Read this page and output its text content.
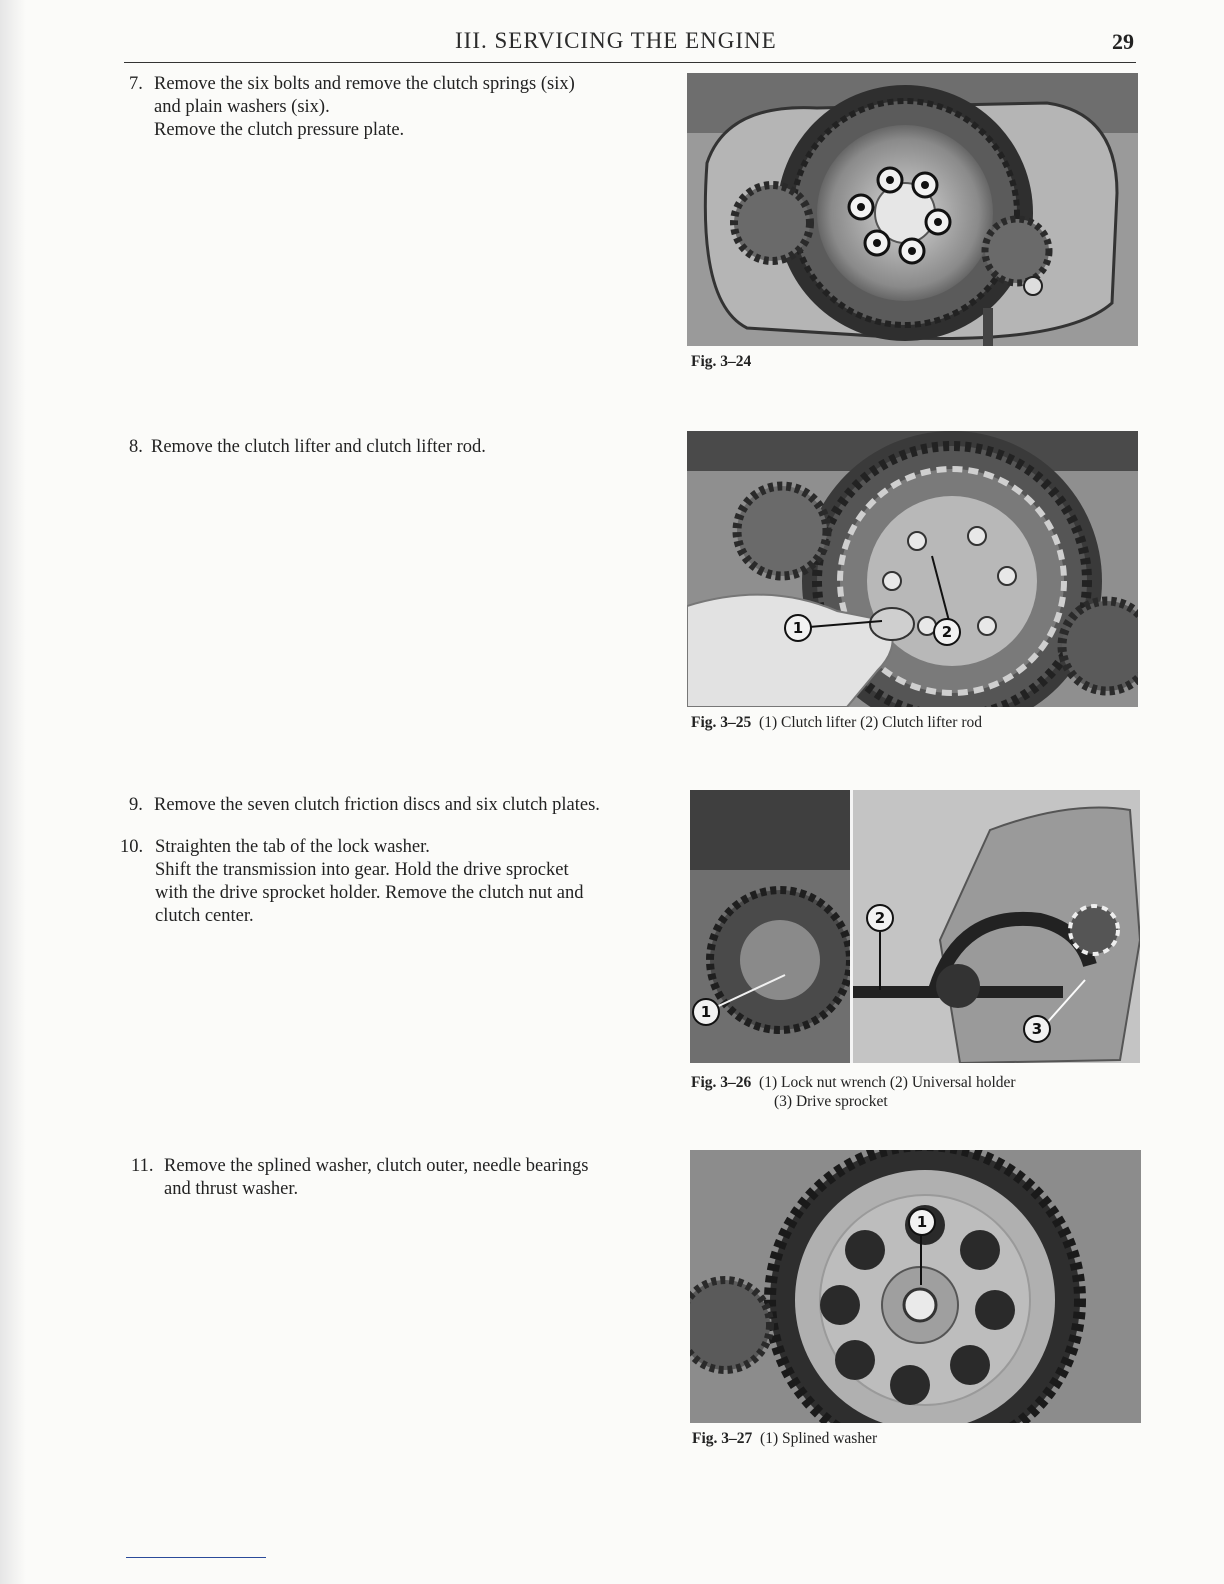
III. SERVICING THE ENGINE	29
7. Remove the six bolts and remove the clutch springs (six)
and plain washers (six).
Remove the clutch pressure plate.
8. Remove the clutch lifter and clutch lifter rod.
9. Remove the seven clutch friction discs and six clutch plates.
10. Straighten the tab of the lock washer.
Shift the transmission into gear. Hold the drive sprocket
with the drive sprocket holder. Remove the clutch nut and
clutch center.
11. Remove the splined washer, clutch outer, needle bearings
and thrust washer.
Fig. 3–24
1	2
Fig. 3–25 (1) Clutch lifter (2) Clutch lifter rod
1
2
3
Fig. 3–26 (1) Lock nut wrench (2) Universal holder
(3) Drive sprocket
1
Fig. 3–27 (1) Splined washer
